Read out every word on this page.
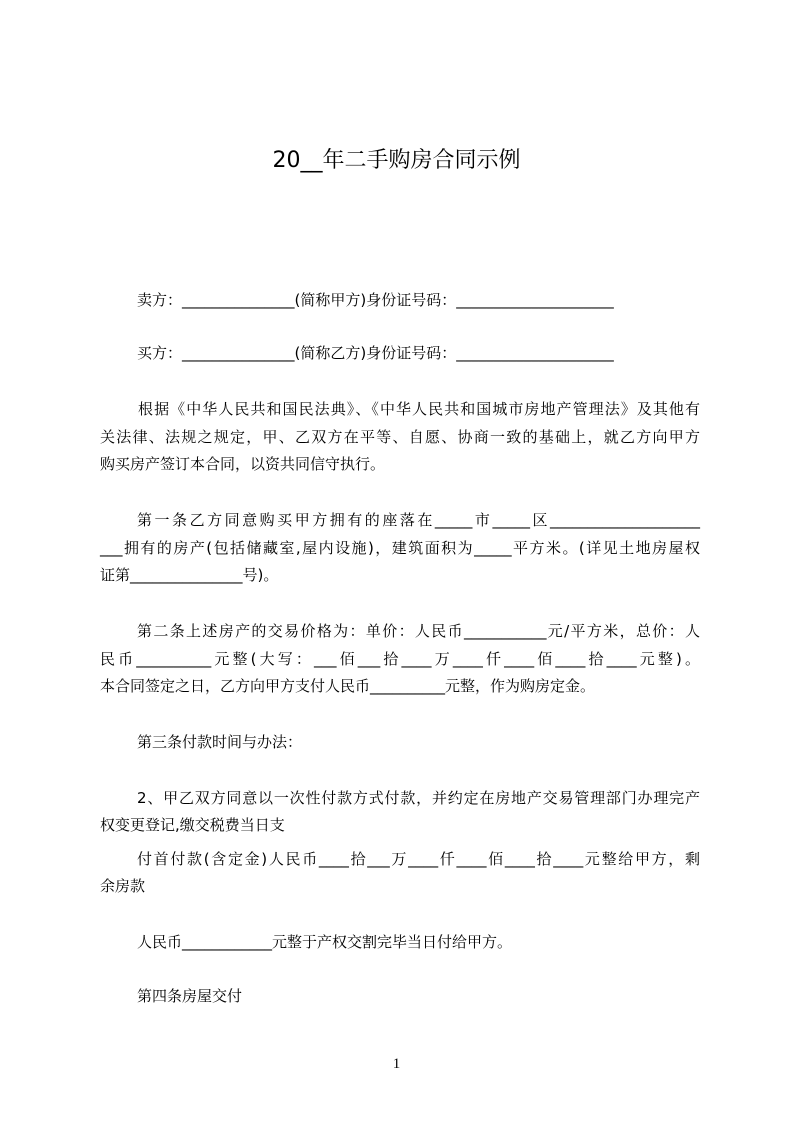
20__年二手购房合同示例
卖方：_______________(简称甲方)身份证号码：_____________________
买方：_______________(简称乙方)身份证号码：_____________________
　根据《中华人民共和国民法典》、《中华人民共和国城市房地产管理法》及其他有
关法律、法规之规定，甲、乙双方在平等、自愿、协商一致的基础上，就乙方向甲方
购买房产签订本合同，以资共同信守执行。
第一条乙方同意购买甲方拥有的座落在_____市_____区____________________
___拥有的房产(包括储藏室,屋内设施)，建筑面积为_____平方米。(详见土地房屋权
证第_______________号)。
第二条上述房产的交易价格为：单价：人民币___________元/平方米，总价：人
民币__________元整(大写：___佰___拾____万____仟____佰____拾____元整)。
本合同签定之日，乙方向甲方支付人民币__________元整，作为购房定金。
第三条付款时间与办法：
2、甲乙双方同意以一次性付款方式付款，并约定在房地产交易管理部门办理完产
权变更登记,缴交税费当日支
付首付款(含定金)人民币____拾___万____仟____佰____拾____元整给甲方，剩
余房款
人民币____________元整于产权交割完毕当日付给甲方。
第四条房屋交付
1
